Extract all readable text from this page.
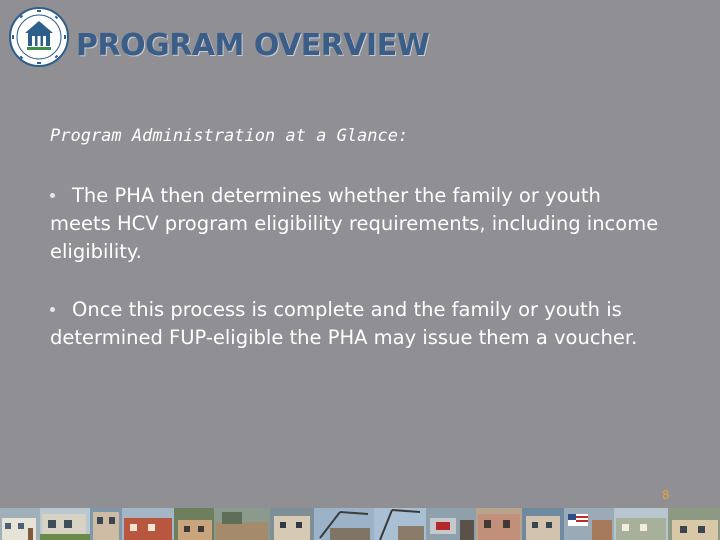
PROGRAM OVERVIEW

Program Administration at a Glance:

The PHA then determines whether the family or youth meets HCV program eligibility requirements, including income eligibility.
Once this process is complete and the family or youth is determined FUP-eligible the PHA may issue them a voucher.
8
